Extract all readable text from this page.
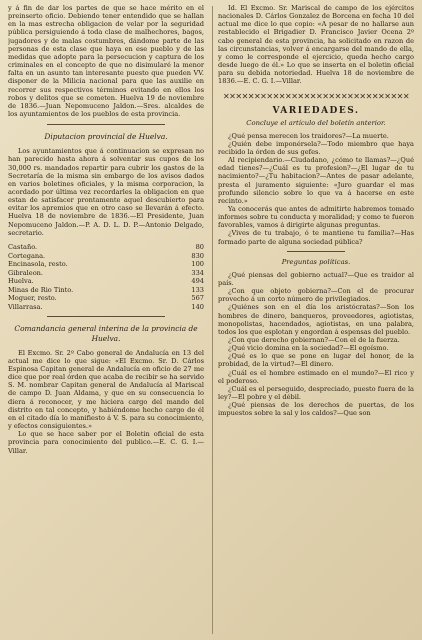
y á fin de dar los partes de que se hace mérito en el preinserto oficio. Debiendo tener entendido que se hallan en la mas estrecha obligacion de velar por la seguridad pública persiguiendo á toda clase de malhechores, bagos, jugadores y de malas costumbres, dándome parte de las personas de esta clase que haya en ese pueblo y de las medidas que adopte para la persecucion y captura de los criminales en el concepto de que no disimularé la menor falta en un asunto tan interesante puesto que pueden VV. disponer de la Milicia nacional para que las auxilie en recorrer sus respectivos términos evitando en ellos los robos y delitos que se cometen. Huelva 19 de noviembre de 1836.—Juan Nepomuceno Jaldon.—Sres. alcaldes de los ayuntamientos de los pueblos de esta provincia.

Diputacion provincial de Huelva.

Los ayuntamientos que á continuacion se expresan no han parecido hasta ahora á solventar sus cupos de los 30,000 rs. mandados repartir para cubrir los gastos de la Secretaría de la misma sin embargo de los avisos dados en varios boletines oficiales, y la misma corporacion, la acordado por última vez recordarles la obligacion en que estan de satisfacer prontamente aquel descubierto para evitar los apremios que en otro caso se llevarán á efecto. Huelva 18 de noviembre de 1836.—El Presidente, Juan Nepomuceno Jaldon.—P. A. D. L. D. P.—Antonio Delgado, secretario.

Castaño.	80
Cortegana.	830
Encinasola, resto.	100
Gibraleon.	334
Huelva.	494
Minas de Rio Tinto.	133
Moguer, resto.	567
Villarrasa.	140
Comandancia general interina de la provincia de Huelva.

El Excmo. Sr. 2º Cabo general de Andalucía en 13 del actual me dice lo que sigue: «El Excmo. Sr. D. Cárlos Espinosa Capitan general de Andalucía en oficio de 27 me dice que por real órden que acaba de recibir se ha servido S. M. nombrar Capitan general de Andalucía al Mariscal de campo D. Juan Aldama, y que en su consecuencia lo diera á reconocer, y me hiciera cargo del mando del distrito en tal concepto, y habiéndome hecho cargo de él en el citado día lo manifiesto á V. S. para su conocimiento, y efectos consiguientes.»

Lo que se hace saber por el Boletin oficial de esta provincia para conocimiento del publico.—E. C. G. I.—Villar.

Id. El Excmo. Sr. Mariscal de campo de los ejércitos nacionales D. Cárlos Gonzalez de Borcena en fecha 10 del actual me dice lo que copio: «A pesar de no hallarse aun restablecido el Brigadier D. Francisco Javier Ocena 2º cabo general de esta provincia, ha solicitado en razon de las circunstancias, volver á encargarse del mando de ella, y como le corresponde el ejercicio, queda hecho cargo desde luego de él.» Lo que se inserta en el boletin oficial para su debida notoriedad. Huelva 18 de noviembre de 1836.—E. C. G. I.—Villar.

✕✕✕✕✕✕✕✕✕✕✕✕✕✕✕✕✕✕✕✕✕✕✕✕✕✕✕✕✕✕
VARIEDADES.
Concluye el artículo del boletín anterior.

¿Qué pensa merecen los traidores?—La muerte.

¿Quién debe imponérsela?—Todo miembro que haya recibido la órden de sus gefes.

Al recipiendario.—Ciudadano, ¿cómo te llamas?—¿Qué edad tienes?—¿Cuál es tu profesion?—¿El lugar de tu nacimiento?—¿Tu habitacion?—Antes de pasar adelante, presta el juramento siguiente: «Juro guardar el mas profundo silencio sobre lo que va á hacerse en este recinto.»

Ya conocerás que antes de admitirte habremos tomado informes sobre tu conducta y moralidad; y como te fueron favorables, vamos á dirigirte algunas preguntas.

¿Vives de tu trabajo, ó te mantiene tu familia?—Has formado parte de alguna sociedad pública?

Preguntas políticas.

¿Qué piensas del gobierno actual?—Que es traidor al país.

¿Con que objeto gobierna?—Con el de procurar provecho á un corto número de privilegiados.

¿Quiénes son en el día los aristócratas?—Son los hombres de dinero, banqueros, proveedores, agiotistas, monopolistas, hacendados, agiotistas, en una palabra, todos los que esplotan y engordan á espensas del pueblo.

¿Con que derecho gobiernan?—Con el de la fuerza.

¿Qué vicio domina en la sociedad?—El egoísmo.

¿Qué es lo que se pone en lugar del honor, de la probidad, de la virtud?—El dinero.

¿Cuál es el hombre estimado en el mundo?—El rico y el poderoso.

¿Cuál es el perseguido, despreciado, puesto fuera de la ley?—El pobre y el débil.

¿Qué piensas de los derechos de puertas, de los impuestos sobre la sal y los caldos?—Que son
